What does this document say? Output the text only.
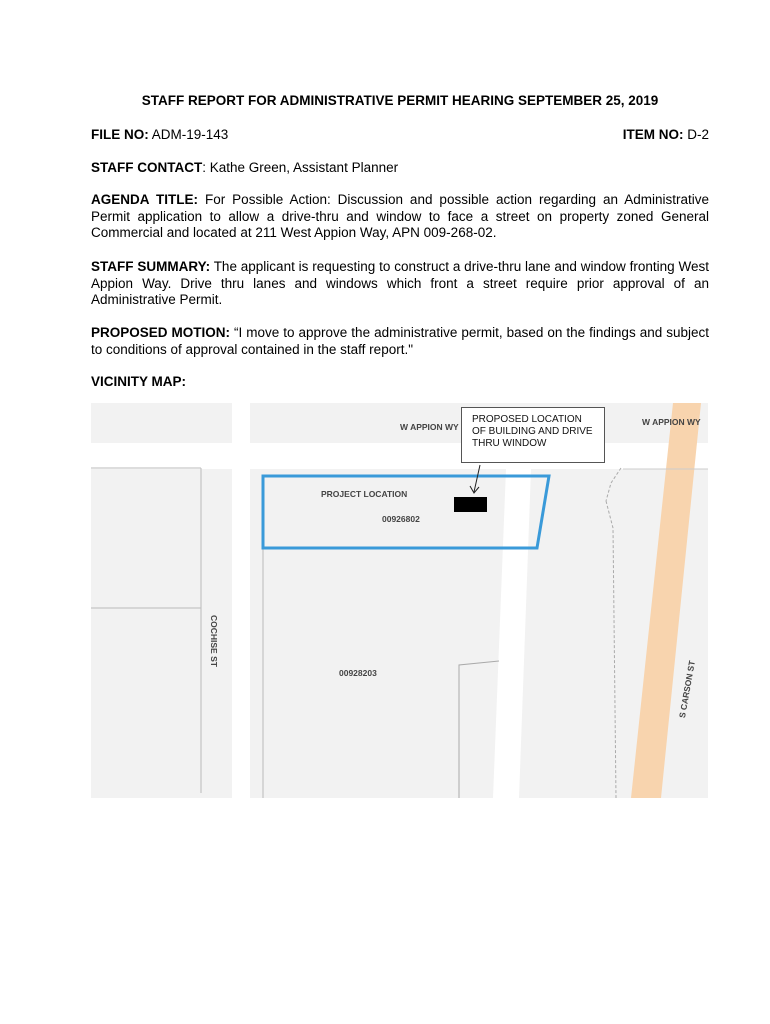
STAFF REPORT FOR ADMINISTRATIVE PERMIT HEARING SEPTEMBER 25, 2019
FILE NO: ADM-19-143	ITEM NO: D-2
STAFF CONTACT: Kathe Green, Assistant Planner
AGENDA TITLE: For Possible Action: Discussion and possible action regarding an Administrative Permit application to allow a drive-thru and window to face a street on property zoned General Commercial and located at 211 West Appion Way, APN 009-268-02.
STAFF SUMMARY: The applicant is requesting to construct a drive-thru lane and window fronting West Appion Way. Drive thru lanes and windows which front a street require prior approval of an Administrative Permit.
PROPOSED MOTION: “I move to approve the administrative permit, based on the findings and subject to conditions of approval contained in the staff report."
VICINITY MAP:
W APPION WY	W APPION WY
COCHISE ST
S CARSON ST
PROJECT LOCATION
00926802
00928203
PROPOSED LOCATION
OF BUILDING AND DRIVE
THRU WINDOW
